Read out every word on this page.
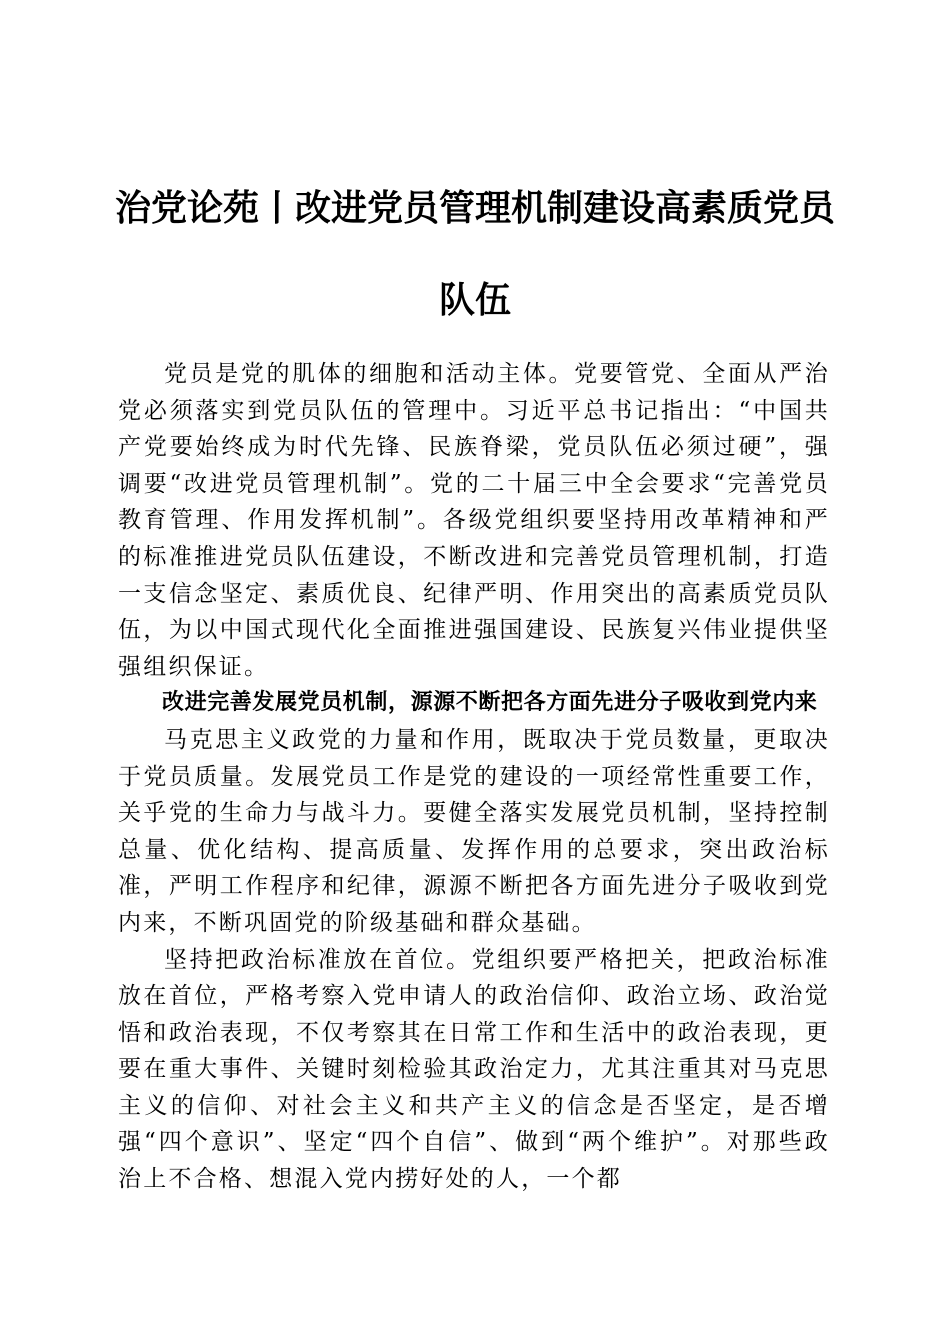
治党论苑丨改进党员管理机制建设高素质党员队伍

党员是党的肌体的细胞和活动主体。党要管党、全面从严治党必须落实到党员队伍的管理中。习近平总书记指出：“中国共产党要始终成为时代先锋、民族脊梁，党员队伍必须过硬”，强调要“改进党员管理机制”。党的二十届三中全会要求“完善党员教育管理、作用发挥机制”。各级党组织要坚持用改革精神和严的标准推进党员队伍建设，不断改进和完善党员管理机制，打造一支信念坚定、素质优良、纪律严明、作用突出的高素质党员队伍，为以中国式现代化全面推进强国建设、民族复兴伟业提供坚强组织保证。

改进完善发展党员机制，源源不断把各方面先进分子吸收到党内来

马克思主义政党的力量和作用，既取决于党员数量，更取决于党员质量。发展党员工作是党的建设的一项经常性重要工作，关乎党的生命力与战斗力。要健全落实发展党员机制，坚持控制总量、优化结构、提高质量、发挥作用的总要求，突出政治标准，严明工作程序和纪律，源源不断把各方面先进分子吸收到党内来，不断巩固党的阶级基础和群众基础。

坚持把政治标准放在首位。党组织要严格把关，把政治标准放在首位，严格考察入党申请人的政治信仰、政治立场、政治觉悟和政治表现，不仅考察其在日常工作和生活中的政治表现，更要在重大事件、关键时刻检验其政治定力，尤其注重其对马克思主义的信仰、对社会主义和共产主义的信念是否坚定，是否增强“四个意识”、坚定“四个自信”、做到“两个维护”。对那些政治上不合格、想混入党内捞好处的人，一个都
